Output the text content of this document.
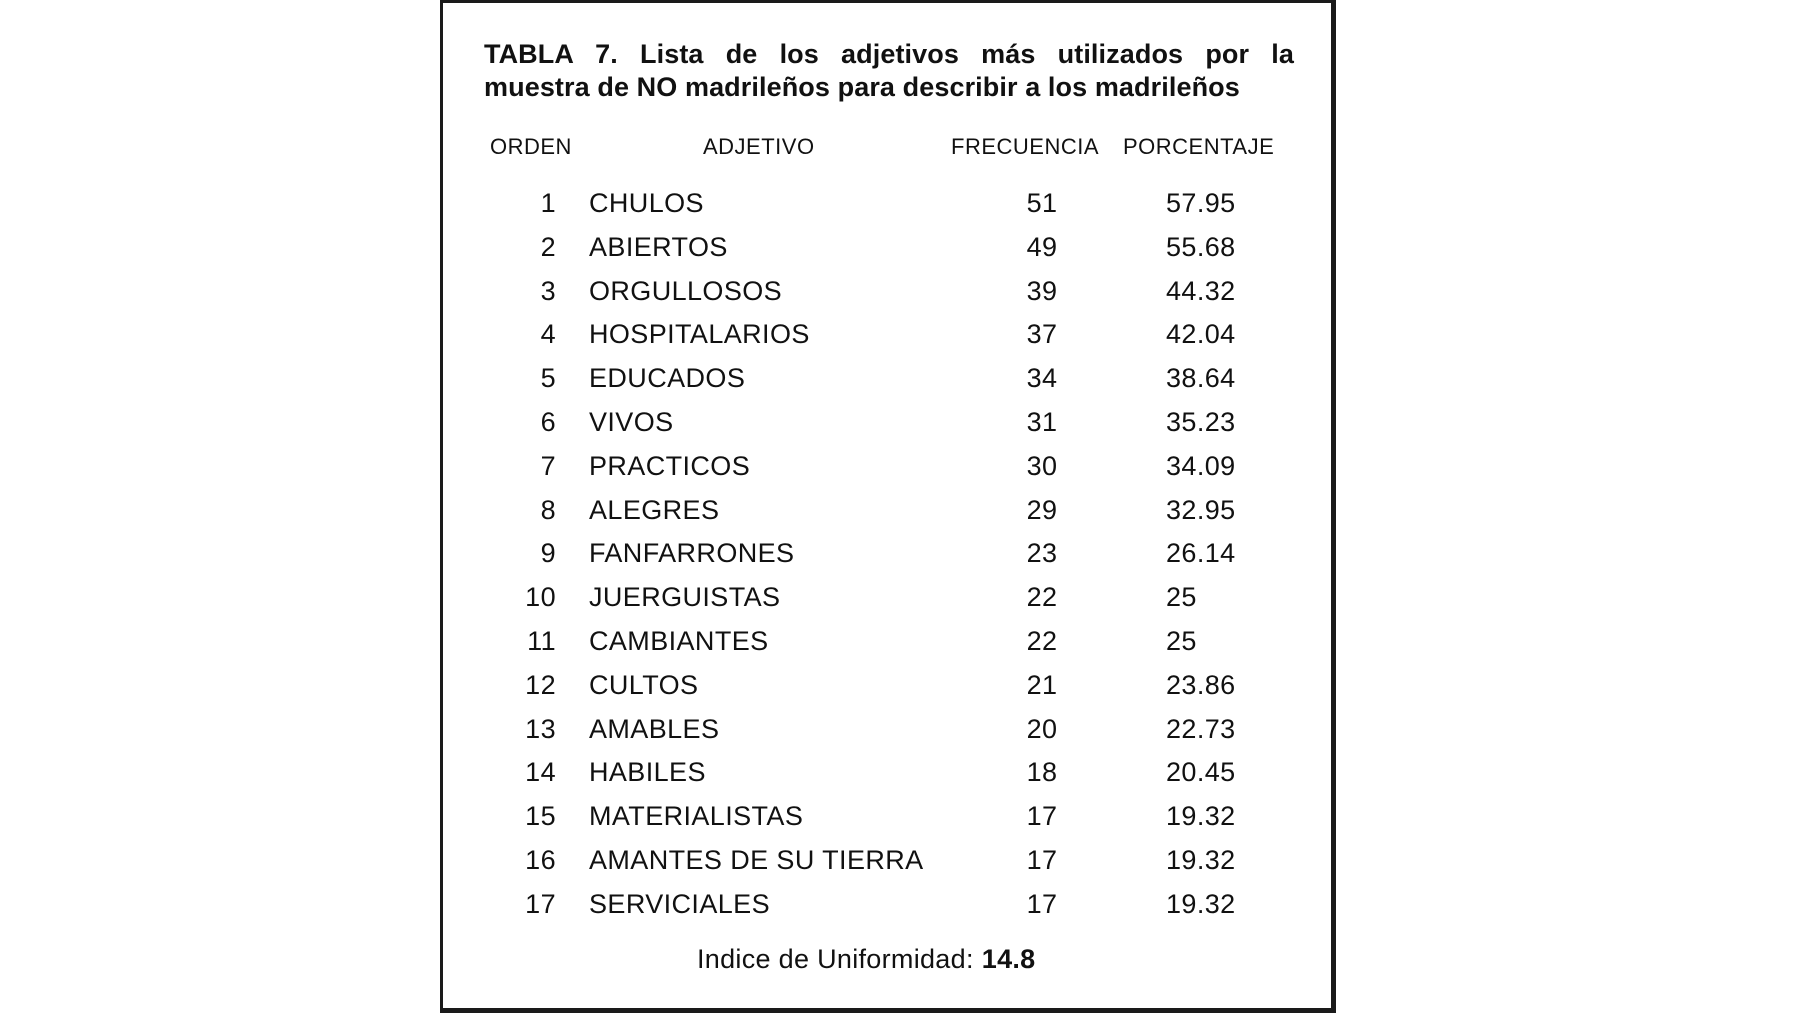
TABLA 7. Lista de los adjetivos más utilizados por la
muestra de NO madrileños para describir a los madrileños
ORDEN	ADJETIVO	FRECUENCIA PORCENTAJE
1 CHULOS	51	57.95
2 ABIERTOS	49	55.68
3 ORGULLOSOS	39	44.32
4 HOSPITALARIOS	37	42.04
5 EDUCADOS	34	38.64
6 VIVOS	31	35.23
7 PRACTICOS	30	34.09
8 ALEGRES	29	32.95
9 FANFARRONES	23	26.14
10 JUERGUISTAS	22	25
11 CAMBIANTES	22	25
12 CULTOS	21	23.86
13 AMABLES	20	22.73
14 HABILES	18	20.45
15 MATERIALISTAS	17	19.32
16 AMANTES DE SU TIERRA	17	19.32
17 SERVICIALES	17	19.32
Indice de Uniformidad: 14.8
